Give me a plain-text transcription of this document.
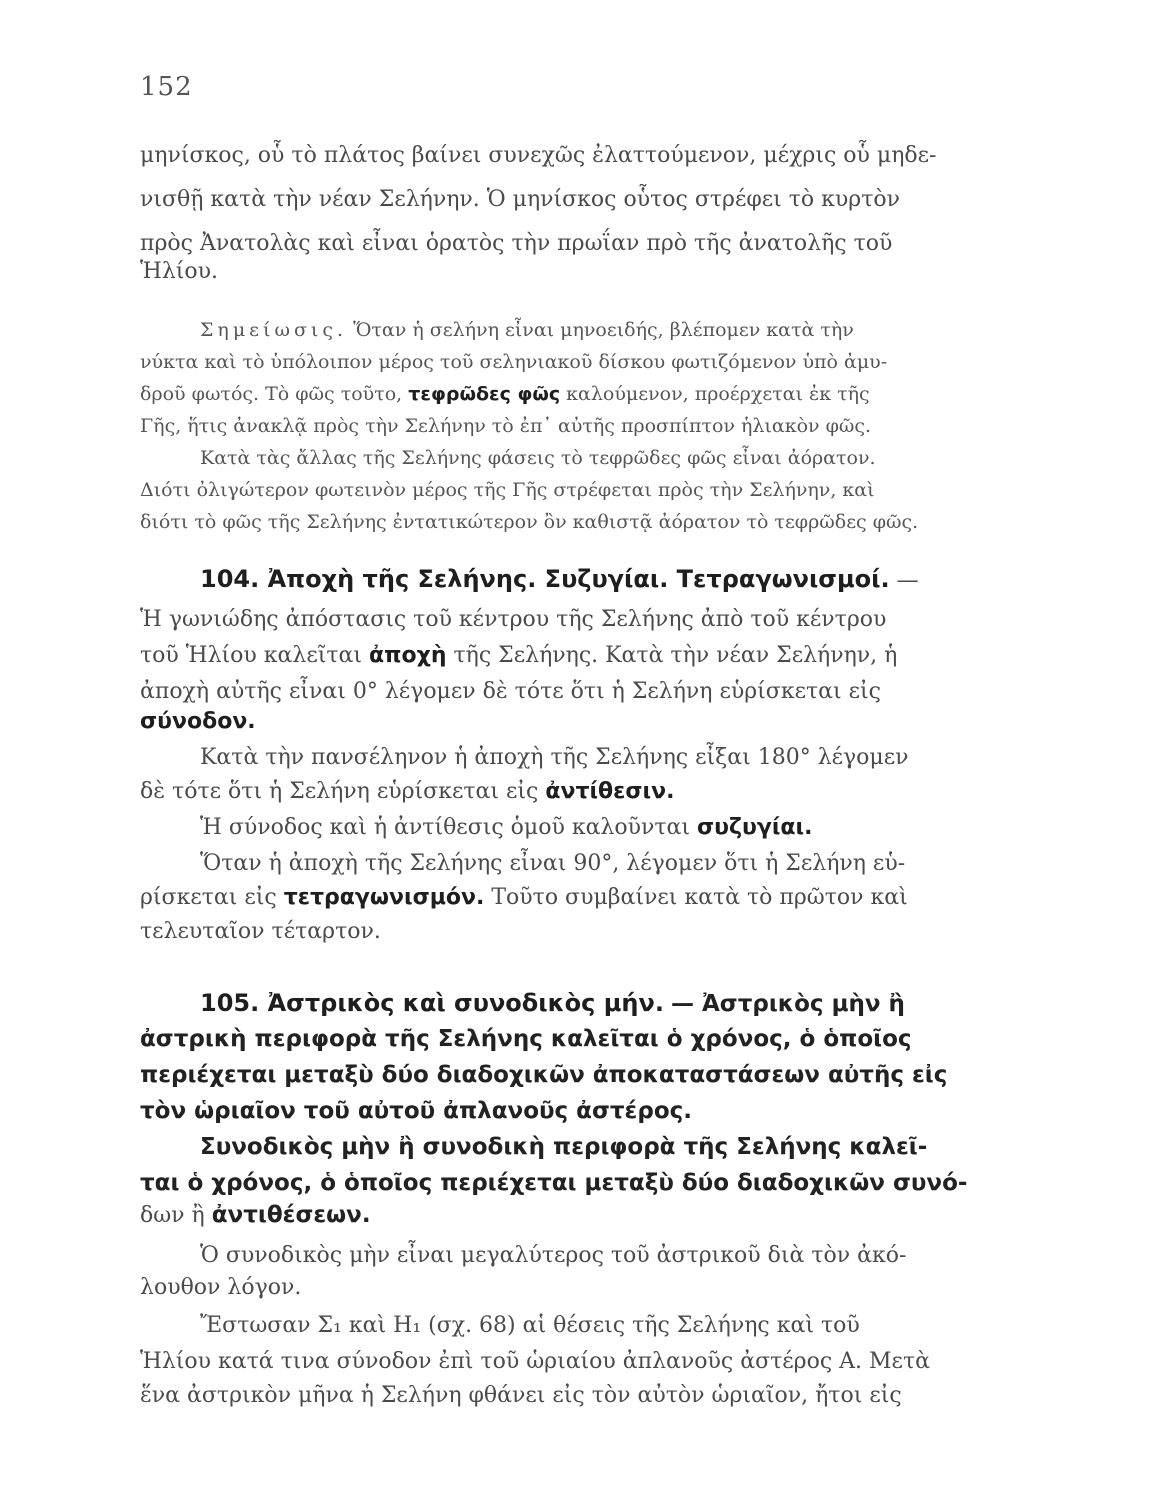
152
μηνίσκος, οὗ τὸ πλάτος βαίνει συνεχῶς ἐλαττούμενον, μέχρις οὗ μηδε-
νισθῇ κατὰ τὴν νέαν Σελήνην. Ὁ μηνίσκος οὗτος στρέφει τὸ κυρτὸν
πρὸς Ἀνατολὰς καὶ εἶναι ὁρατὸς τὴν πρωΐαν πρὸ τῆς ἀνατολῆς τοῦ
Ἡλίου.
Σημείωσις. Ὅταν ἡ σελήνη εἶναι μηνοειδής, βλέπομεν κατὰ τὴν
νύκτα καὶ τὸ ὑπόλοιπον μέρος τοῦ σεληνιακοῦ δίσκου φωτιζόμενον ὑπὸ ἀμυ-
δροῦ φωτός. Τὸ φῶς τοῦτο, τεφρῶδες φῶς καλούμενον, προέρχεται ἐκ τῆς
Γῆς, ἥτις ἀνακλᾷ πρὸς τὴν Σελήνην τὸ ἐπ᾽ αὐτῆς προσπίπτον ἡλιακὸν φῶς.
Κατὰ τὰς ἄλλας τῆς Σελήνης φάσεις τὸ τεφρῶδες φῶς εἶναι ἀόρατον.
Διότι ὀλιγώτερον φωτεινὸν μέρος τῆς Γῆς στρέφεται πρὸς τὴν Σελήνην, καὶ
διότι τὸ φῶς τῆς Σελήνης ἐντατικώτερον ὂν καθιστᾷ ἀόρατον τὸ τεφρῶδες φῶς.
104. Ἀποχὴ τῆς Σελήνης. Συζυγίαι. Τετραγωνισμοί. —
Ἡ γωνιώδης ἀπόστασις τοῦ κέντρου τῆς Σελήνης ἀπὸ τοῦ κέντρου
τοῦ Ἡλίου καλεῖται ἀποχὴ τῆς Σελήνης. Κατὰ τὴν νέαν Σελήνην, ἡ
ἀποχὴ αὐτῆς εἶναι 0° λέγομεν δὲ τότε ὅτι ἡ Σελήνη εὑρίσκεται εἰς
σύνοδον.
Κατὰ τὴν πανσέληνον ἡ ἀποχὴ τῆς Σελήνης εἶξαι 180° λέγομεν
δὲ τότε ὅτι ἡ Σελήνη εὑρίσκεται εἰς ἀντίθεσιν.
Ἡ σύνοδος καὶ ἡ ἀντίθεσις ὁμοῦ καλοῦνται συζυγίαι.
Ὅταν ἡ ἀποχὴ τῆς Σελήνης εἶναι 90°, λέγομεν ὅτι ἡ Σελήνη εὑ-
ρίσκεται εἰς τετραγωνισμόν. Τοῦτο συμβαίνει κατὰ τὸ πρῶτον καὶ
τελευταῖον τέταρτον.
105. Ἀστρικὸς καὶ συνοδικὸς μήν. — Ἀστρικὸς μὴν ἢ
ἀστρικὴ περιφορὰ τῆς Σελήνης καλεῖται ὁ χρόνος, ὁ ὁποῖος
περιέχεται μεταξὺ δύο διαδοχικῶν ἀποκαταστάσεων αὐτῆς εἰς
τὸν ὡριαῖον τοῦ αὐτοῦ ἀπλανοῦς ἀστέρος.
Συνοδικὸς μὴν ἢ συνοδικὴ περιφορὰ τῆς Σελήνης καλεῖ-
ται ὁ χρόνος, ὁ ὁποῖος περιέχεται μεταξὺ δύο διαδοχικῶν συνό-
δων ἢ ἀντιθέσεων.
Ὁ συνοδικὸς μὴν εἶναι μεγαλύτερος τοῦ ἀστρικοῦ διὰ τὸν ἀκό-
λουθον λόγον.
Ἔστωσαν Σ₁ καὶ Η₁ (σχ. 68) αἱ θέσεις τῆς Σελήνης καὶ τοῦ
Ἡλίου κατά τινα σύνοδον ἐπὶ τοῦ ὡριαίου ἀπλανοῦς ἀστέρος Α. Μετὰ
ἕνα ἀστρικὸν μῆνα ἡ Σελήνη φθάνει εἰς τὸν αὐτὸν ὡριαῖον, ἤτοι εἰς
